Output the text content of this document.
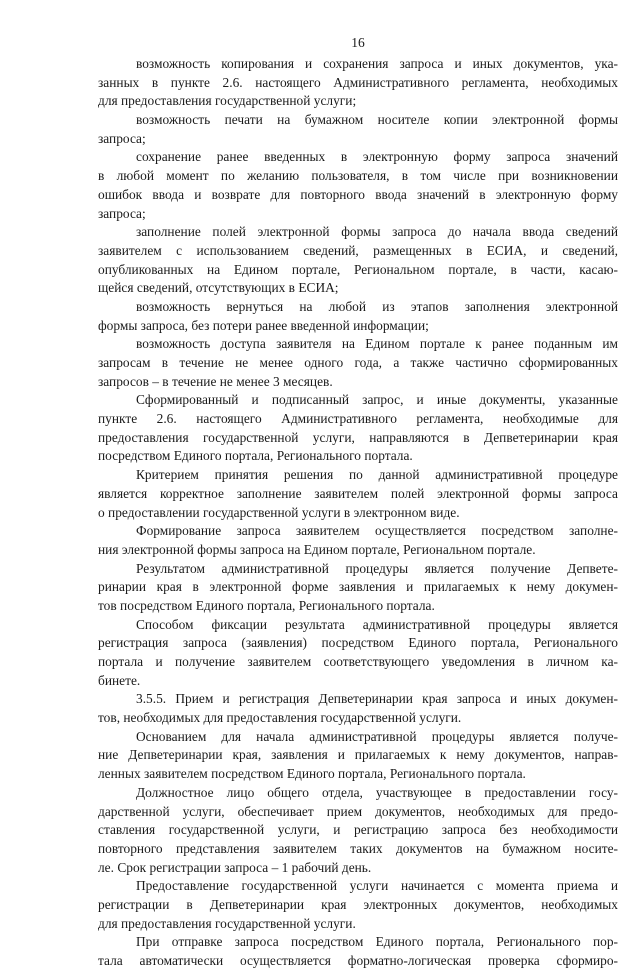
16
возможность копирования и сохранения запроса и иных документов, ука-
занных в пункте 2.6. настоящего Административного регламента, необходимых
для предоставления государственной услуги;
возможность печати на бумажном носителе копии электронной формы
запроса;
сохранение ранее введенных в электронную форму запроса значений
в любой момент по желанию пользователя, в том числе при возникновении
ошибок ввода и возврате для повторного ввода значений в электронную форму
запроса;
заполнение полей электронной формы запроса до начала ввода сведений
заявителем с использованием сведений, размещенных в ЕСИА, и сведений,
опубликованных на Едином портале, Региональном портале, в части, касаю-
щейся сведений, отсутствующих в ЕСИА;
возможность вернуться на любой из этапов заполнения электронной
формы запроса, без потери ранее введенной информации;
возможность доступа заявителя на Едином портале к ранее поданным им
запросам в течение не менее одного года, а также частично сформированных
запросов – в течение не менее 3 месяцев.
Сформированный и подписанный запрос, и иные документы, указанные
пункте 2.6. настоящего Административного регламента, необходимые для
предоставления государственной услуги, направляются в Депветеринарии края
посредством Единого портала, Регионального портала.
Критерием принятия решения по данной административной процедуре
является корректное заполнение заявителем полей электронной формы запроса
о предоставлении государственной услуги в электронном виде.
Формирование запроса заявителем осуществляется посредством заполне-
ния электронной формы запроса на Едином портале, Региональном портале.
Результатом административной процедуры является получение Депвете-
ринарии края в электронной форме заявления и прилагаемых к нему докумен-
тов посредством Единого портала, Регионального портала.
Способом фиксации результата административной процедуры является
регистрация запроса (заявления) посредством Единого портала, Регионального
портала и получение заявителем соответствующего уведомления в личном ка-
бинете.
3.5.5. Прием и регистрация Депветеринарии края запроса и иных докумен-
тов, необходимых для предоставления государственной услуги.
Основанием для начала административной процедуры является получе-
ние Депветеринарии края, заявления и прилагаемых к нему документов, направ-
ленных заявителем посредством Единого портала, Регионального портала.
Должностное лицо общего отдела, участвующее в предоставлении госу-
дарственной услуги, обеспечивает прием документов, необходимых для предо-
ставления государственной услуги, и регистрацию запроса без необходимости
повторного представления заявителем таких документов на бумажном носите-
ле. Срок регистрации запроса – 1 рабочий день.
Предоставление государственной услуги начинается с момента приема и
регистрации в Депветеринарии края электронных документов, необходимых
для предоставления государственной услуги.
При отправке запроса посредством Единого портала, Регионального пор-
тала автоматически осуществляется форматно-логическая проверка сформиро-
